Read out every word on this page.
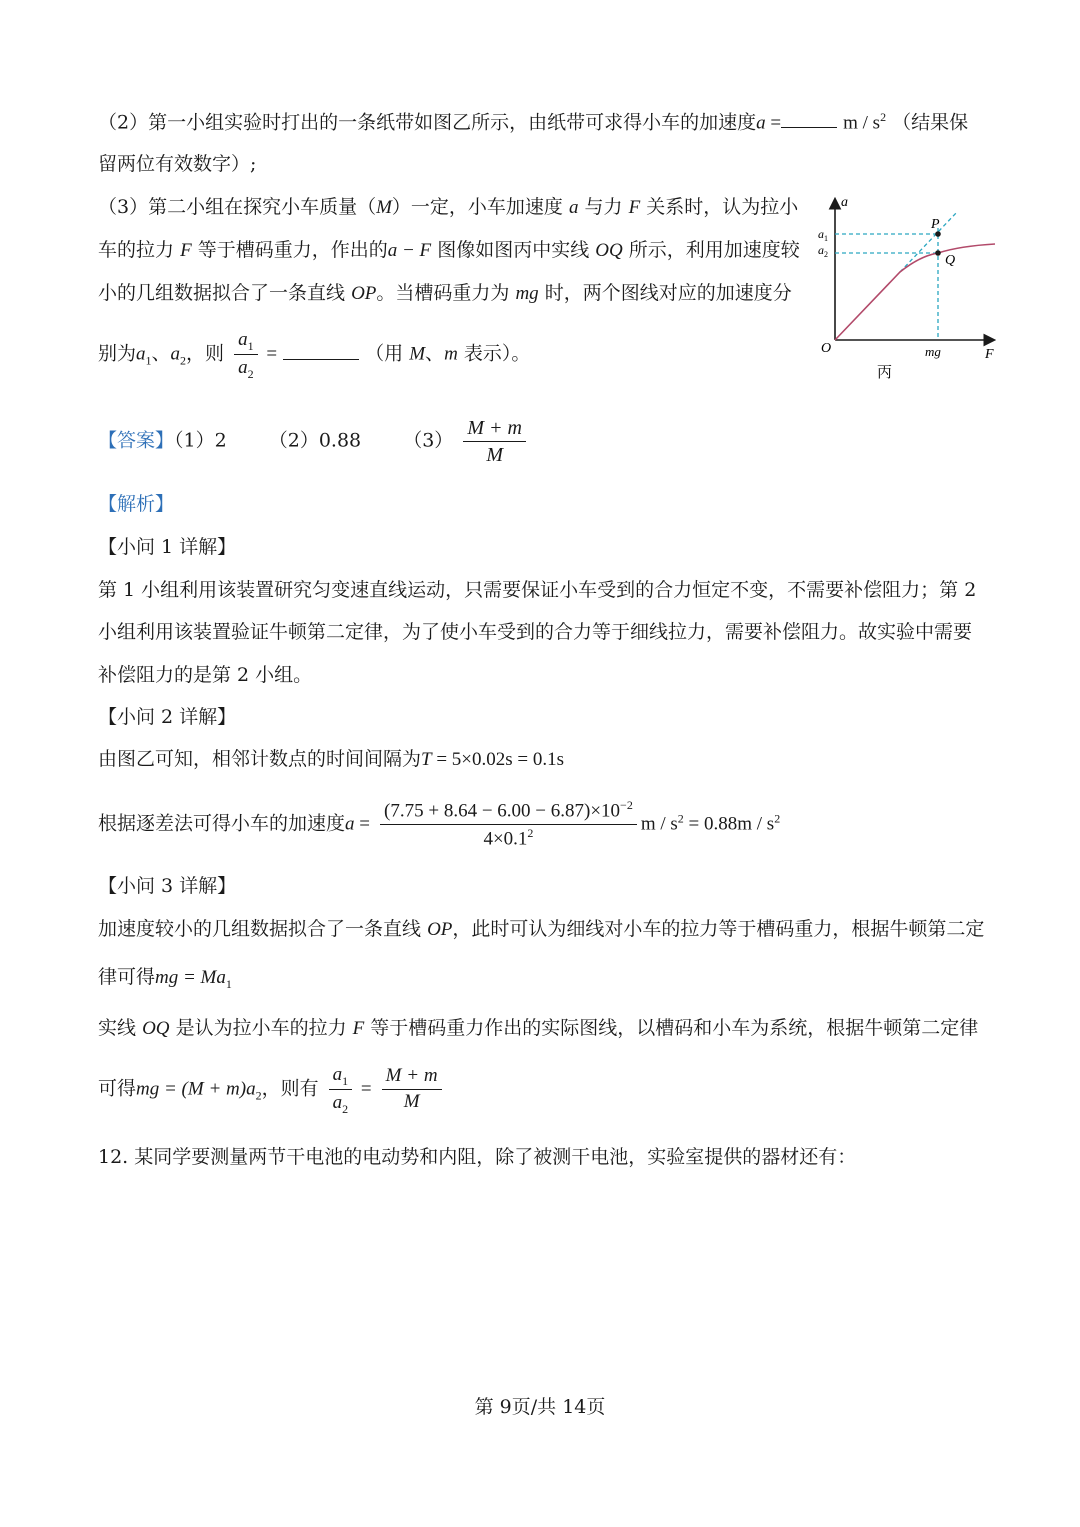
（2）第一小组实验时打出的一条纸带如图乙所示，由纸带可求得小车的加速度a =	m / $s^2$ （结果保
留两位有效数字）;
（3）第二小组在探究小车质量（M）一定，小车加速度 a 与力 F 关系时，认为拉小
车的拉力 F 等于槽码重力，作出的a − F 图像如图丙中实线 OQ 所示，利用加速度较
小的几组数据拟合了一条直线 OP。当槽码重力为 mg 时，两个图线对应的加速度分
别为$a_1$、$a_2$，则 $\frac{a_1}{a_2}$ =	（用 M、m 表示）。
a
F
O
$a_1$
$a_2$
P
Q
mg
丙
【答案】（1）2 （2）0.88 $(3) \frac{M + m}{M}$
【解析】
【小问 1 详解】
第 1 小组利用该装置研究匀变速直线运动，只需要保证小车受到的合力恒定不变，不需要补偿阻力；第 2
小组利用该装置验证牛顿第二定律，为了使小车受到的合力等于细线拉力，需要补偿阻力。故实验中需要
补偿阻力的是第 2 小组。
【小问 2 详解】
由图乙可知，相邻计数点的时间间隔为T = 5×0.02s = 0.1s
根据逐差法可得小车的加速度$a = \frac{(7.75 + 8.64 - 6.00 - 6.87)\times 10^{-2}}{4\times 0.1^2}$ $m / s^2 = 0.88m / s^2$
【小问 3 详解】
加速度较小的几组数据拟合了一条直线 OP，此时可认为细线对小车的拉力等于槽码重力，根据牛顿第二定
律可得mg = $Ma_1$
实线 OQ 是认为拉小车的拉力 F 等于槽码重力作出的实际图线，以槽码和小车为系统，根据牛顿第二定律
可得mg = $(M + m)a_2$，则有 $\frac{a_1}{a_2} = \frac{M + m}{M}$
12. 某同学要测量两节干电池的电动势和内阻，除了被测干电池，实验室提供的器材还有：
第 9页/共 14页
